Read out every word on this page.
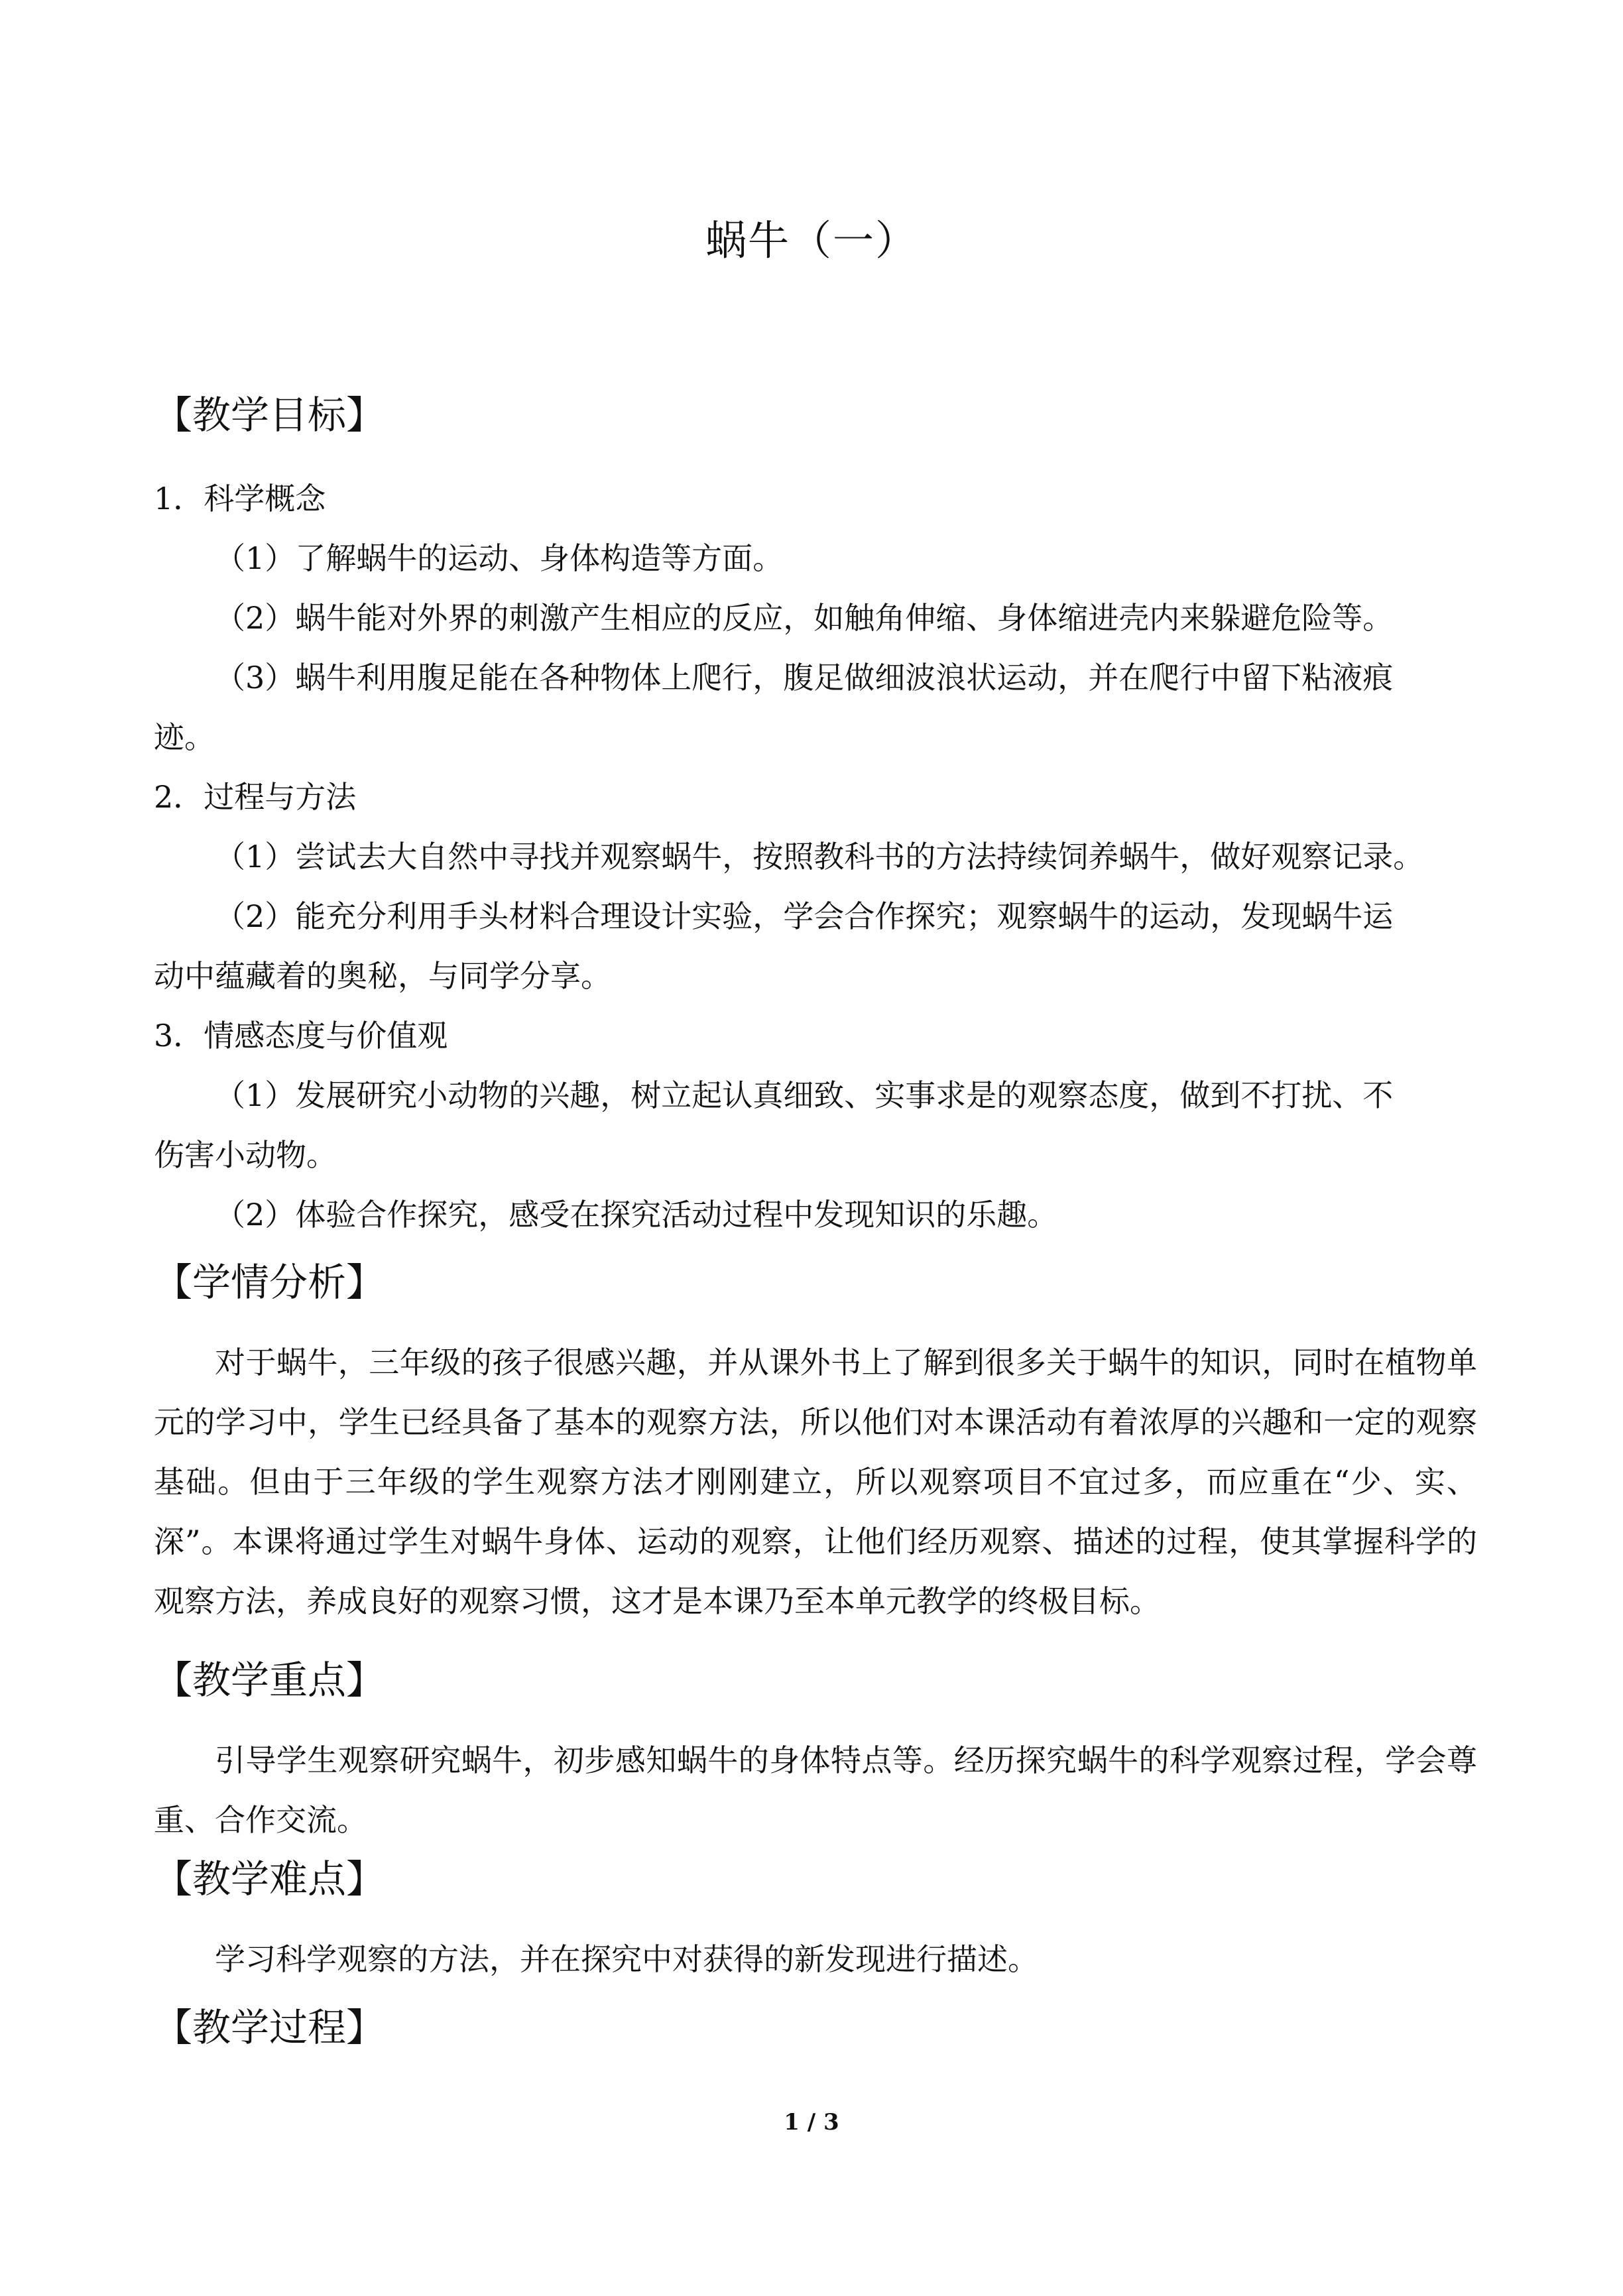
蜗牛（一）
【教学目标】
1．科学概念
（1）了解蜗牛的运动、身体构造等方面。
（2）蜗牛能对外界的刺激产生相应的反应，如触角伸缩、身体缩进壳内来躲避危险等。
（3）蜗牛利用腹足能在各种物体上爬行，腹足做细波浪状运动，并在爬行中留下粘液痕
迹。
2．过程与方法
（1）尝试去大自然中寻找并观察蜗牛，按照教科书的方法持续饲养蜗牛，做好观察记录。
（2）能充分利用手头材料合理设计实验，学会合作探究；观察蜗牛的运动，发现蜗牛运
动中蕴藏着的奥秘，与同学分享。
3．情感态度与价值观
（1）发展研究小动物的兴趣，树立起认真细致、实事求是的观察态度，做到不打扰、不
伤害小动物。
（2）体验合作探究，感受在探究活动过程中发现知识的乐趣。
【学情分析】
对于蜗牛，三年级的孩子很感兴趣，并从课外书上了解到很多关于蜗牛的知识，同时在植物单元的学习中，学生已经具备了基本的观察方法，所以他们对本课活动有着浓厚的兴趣和一定的观察基础。但由于三年级的学生观察方法才刚刚建立，所以观察项目不宜过多，而应重在“少、实、深”。本课将通过学生对蜗牛身体、运动的观察，让他们经历观察、描述的过程，使其掌握科学的观察方法，养成良好的观察习惯，这才是本课乃至本单元教学的终极目标。
【教学重点】
引导学生观察研究蜗牛，初步感知蜗牛的身体特点等。经历探究蜗牛的科学观察过程，学会尊重、合作交流。
【教学难点】
学习科学观察的方法，并在探究中对获得的新发现进行描述。
【教学过程】
1 / 3
